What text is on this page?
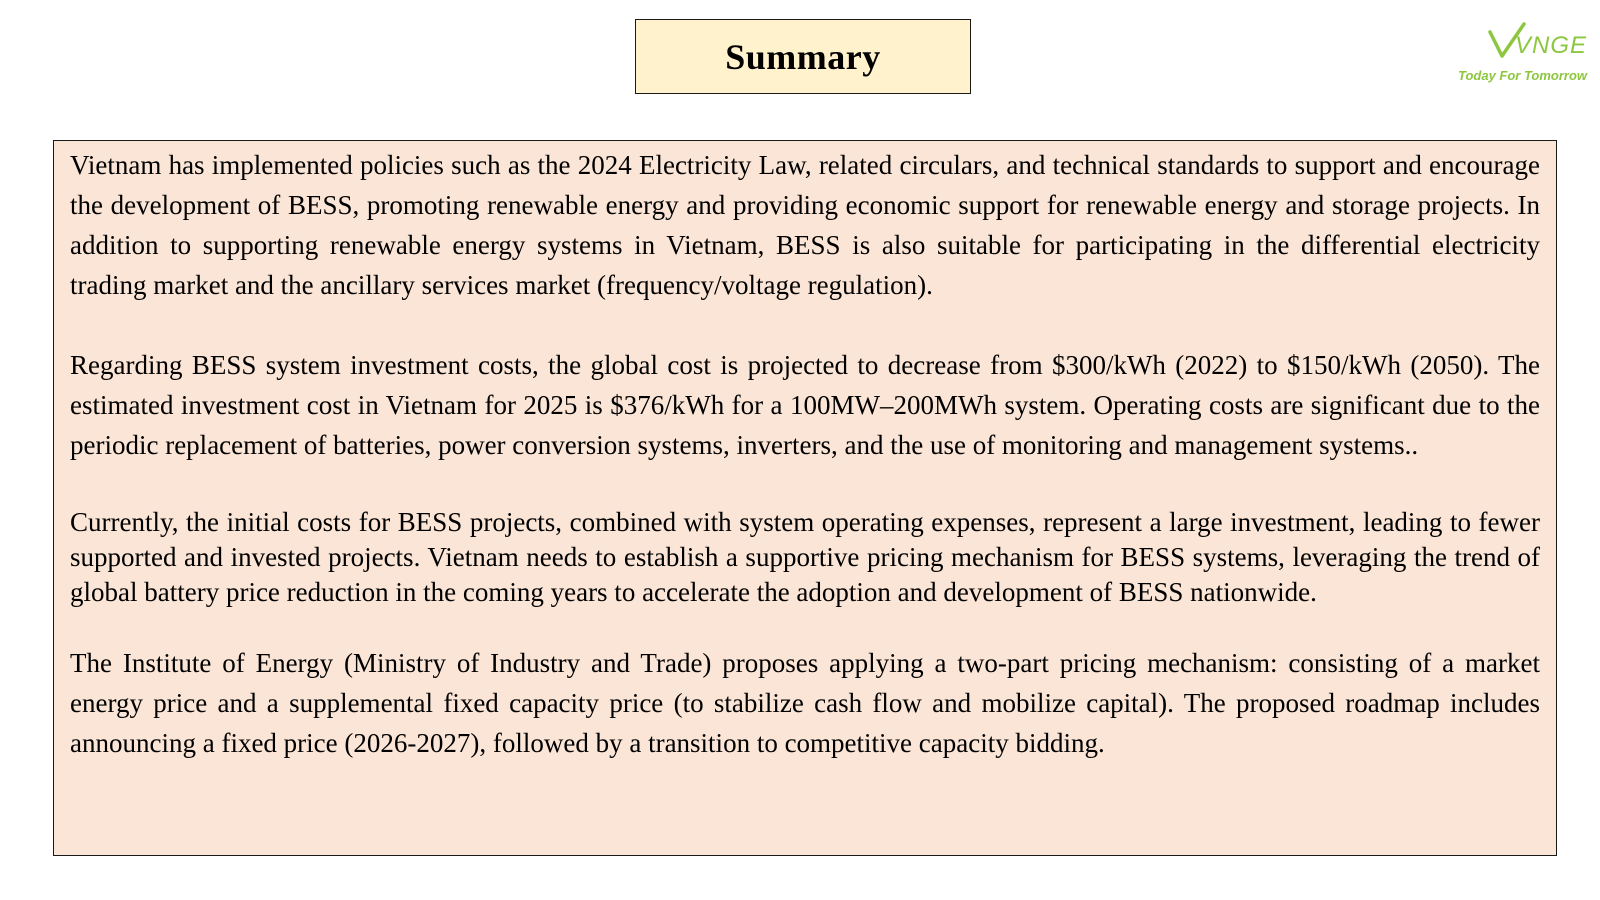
Summary	VNGE
Today For Tomorrow

Vietnam has implemented policies such as the 2024 Electricity Law, related circulars, and technical standards to support and encourage the development of BESS, promoting renewable energy and providing economic support for renewable energy and storage projects. In addition to supporting renewable energy systems in Vietnam, BESS is also suitable for participating in the differential electricity trading market and the ancillary services market (frequency/voltage regulation).

Regarding BESS system investment costs, the global cost is projected to decrease from $300/kWh (2022) to $150/kWh (2050). The estimated investment cost in Vietnam for 2025 is $376/kWh for a 100MW–200MWh system. Operating costs are significant due to the periodic replacement of batteries, power conversion systems, inverters, and the use of monitoring and management systems..

Currently, the initial costs for BESS projects, combined with system operating expenses, represent a large investment, leading to fewer supported and invested projects. Vietnam needs to establish a supportive pricing mechanism for BESS systems, leveraging the trend of global battery price reduction in the coming years to accelerate the adoption and development of BESS nationwide.

The Institute of Energy (Ministry of Industry and Trade) proposes applying a two-part pricing mechanism: consisting of a market energy price and a supplemental fixed capacity price (to stabilize cash flow and mobilize capital). The proposed roadmap includes announcing a fixed price (2026-2027), followed by a transition to competitive capacity bidding.
